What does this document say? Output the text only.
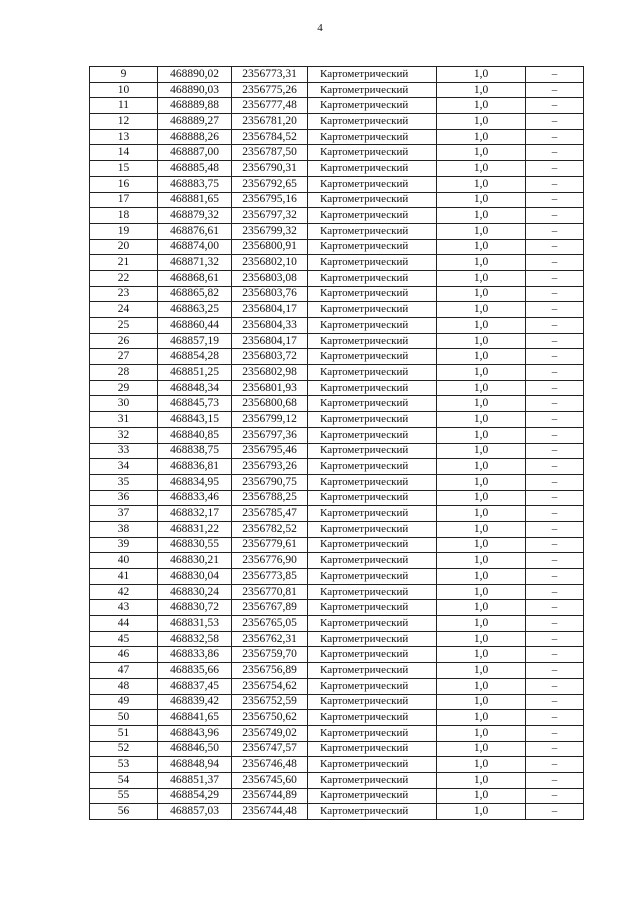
4
9	468890,02	2356773,31	Картометрический	1,0	–
10	468890,03	2356775,26	Картометрический	1,0	–
11	468889,88	2356777,48	Картометрический	1,0	–
12	468889,27	2356781,20	Картометрический	1,0	–
13	468888,26	2356784,52	Картометрический	1,0	–
14	468887,00	2356787,50	Картометрический	1,0	–
15	468885,48	2356790,31	Картометрический	1,0	–
16	468883,75	2356792,65	Картометрический	1,0	–
17	468881,65	2356795,16	Картометрический	1,0	–
18	468879,32	2356797,32	Картометрический	1,0	–
19	468876,61	2356799,32	Картометрический	1,0	–
20	468874,00	2356800,91	Картометрический	1,0	–
21	468871,32	2356802,10	Картометрический	1,0	–
22	468868,61	2356803,08	Картометрический	1,0	–
23	468865,82	2356803,76	Картометрический	1,0	–
24	468863,25	2356804,17	Картометрический	1,0	–
25	468860,44	2356804,33	Картометрический	1,0	–
26	468857,19	2356804,17	Картометрический	1,0	–
27	468854,28	2356803,72	Картометрический	1,0	–
28	468851,25	2356802,98	Картометрический	1,0	–
29	468848,34	2356801,93	Картометрический	1,0	–
30	468845,73	2356800,68	Картометрический	1,0	–
31	468843,15	2356799,12	Картометрический	1,0	–
32	468840,85	2356797,36	Картометрический	1,0	–
33	468838,75	2356795,46	Картометрический	1,0	–
34	468836,81	2356793,26	Картометрический	1,0	–
35	468834,95	2356790,75	Картометрический	1,0	–
36	468833,46	2356788,25	Картометрический	1,0	–
37	468832,17	2356785,47	Картометрический	1,0	–
38	468831,22	2356782,52	Картометрический	1,0	–
39	468830,55	2356779,61	Картометрический	1,0	–
40	468830,21	2356776,90	Картометрический	1,0	–
41	468830,04	2356773,85	Картометрический	1,0	–
42	468830,24	2356770,81	Картометрический	1,0	–
43	468830,72	2356767,89	Картометрический	1,0	–
44	468831,53	2356765,05	Картометрический	1,0	–
45	468832,58	2356762,31	Картометрический	1,0	–
46	468833,86	2356759,70	Картометрический	1,0	–
47	468835,66	2356756,89	Картометрический	1,0	–
48	468837,45	2356754,62	Картометрический	1,0	–
49	468839,42	2356752,59	Картометрический	1,0	–
50	468841,65	2356750,62	Картометрический	1,0	–
51	468843,96	2356749,02	Картометрический	1,0	–
52	468846,50	2356747,57	Картометрический	1,0	–
53	468848,94	2356746,48	Картометрический	1,0	–
54	468851,37	2356745,60	Картометрический	1,0	–
55	468854,29	2356744,89	Картометрический	1,0	–
56	468857,03	2356744,48	Картометрический	1,0	–
